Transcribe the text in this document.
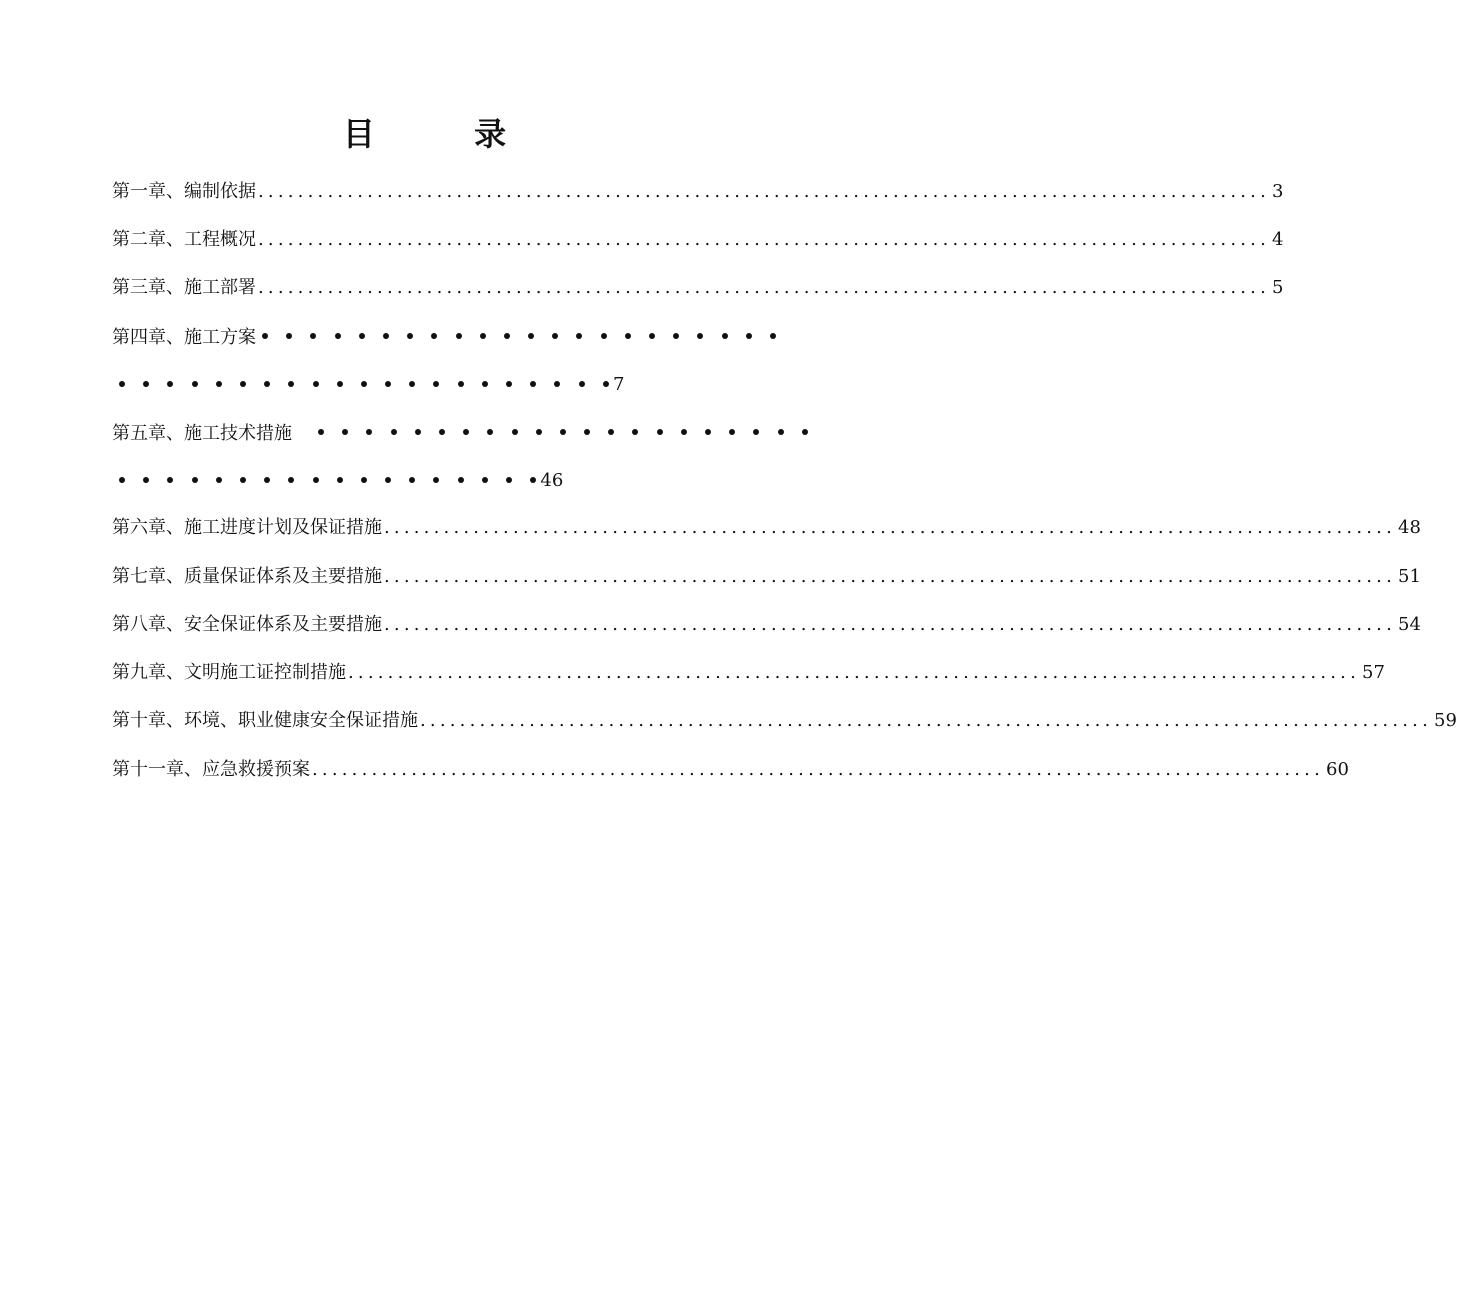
目 录
第一章、编制依据 ...................................................................................................... 3
第二章、工程概况 ...................................................................................................... 4
第三章、施工部署 ...................................................................................................... 5
第四章、施工方案
7
第五章、施工技术措施
46
第六章、施工进度计划及保证措施 ...................................................................................................... 48
第七章、质量保证体系及主要措施 ...................................................................................................... 51
第八章、安全保证体系及主要措施 ...................................................................................................... 54
第九章、文明施工证控制措施 ...................................................................................................... 57
第十章、环境、职业健康安全保证措施 ...................................................................................................... 59
第十一章、应急救援预案 ...................................................................................................... 60
